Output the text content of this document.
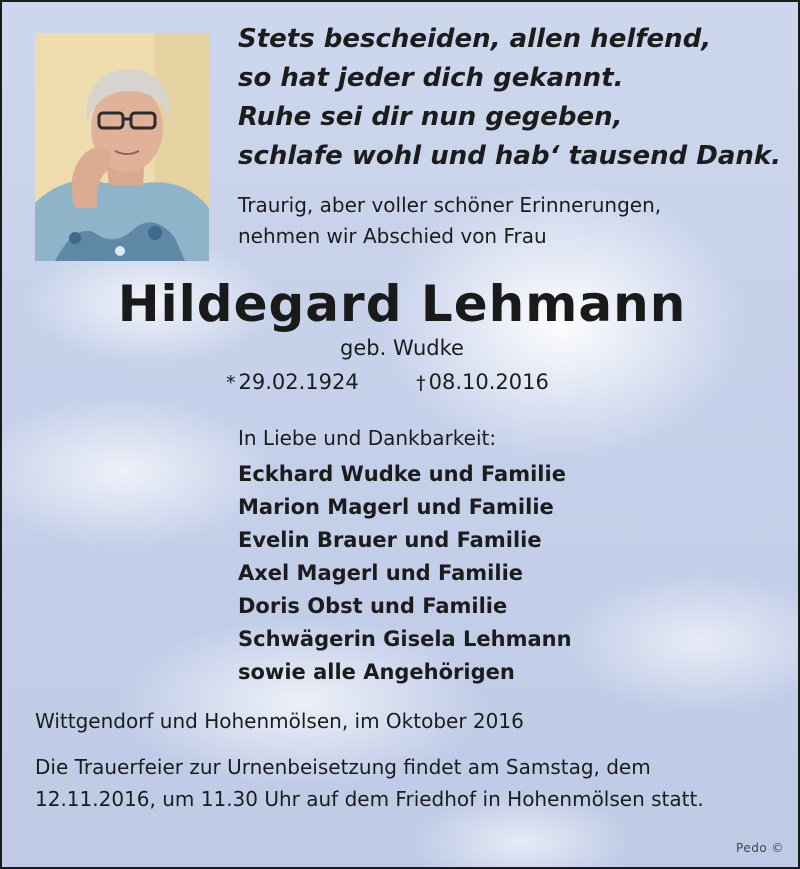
Stets bescheiden, allen helfend,
so hat jeder dich gekannt.
Ruhe sei dir nun gegeben,
schlafe wohl und hab‘ tausend Dank.
Traurig, aber voller schöner Erinnerungen,
nehmen wir Abschied von Frau
Hildegard Lehmann
geb. Wudke
* 29.02.1924	† 08.10.2016
In Liebe und Dankbarkeit:
Eckhard Wudke und Familie
Marion Magerl und Familie
Evelin Brauer und Familie
Axel Magerl und Familie
Doris Obst und Familie
Schwägerin Gisela Lehmann
sowie alle Angehörigen
Wittgendorf und Hohenmölsen, im Oktober 2016
Die Trauerfeier zur Urnenbeisetzung findet am Samstag, dem 12.11.2016, um 11.30 Uhr auf dem Friedhof in Hohenmölsen statt.
Pedo ©
